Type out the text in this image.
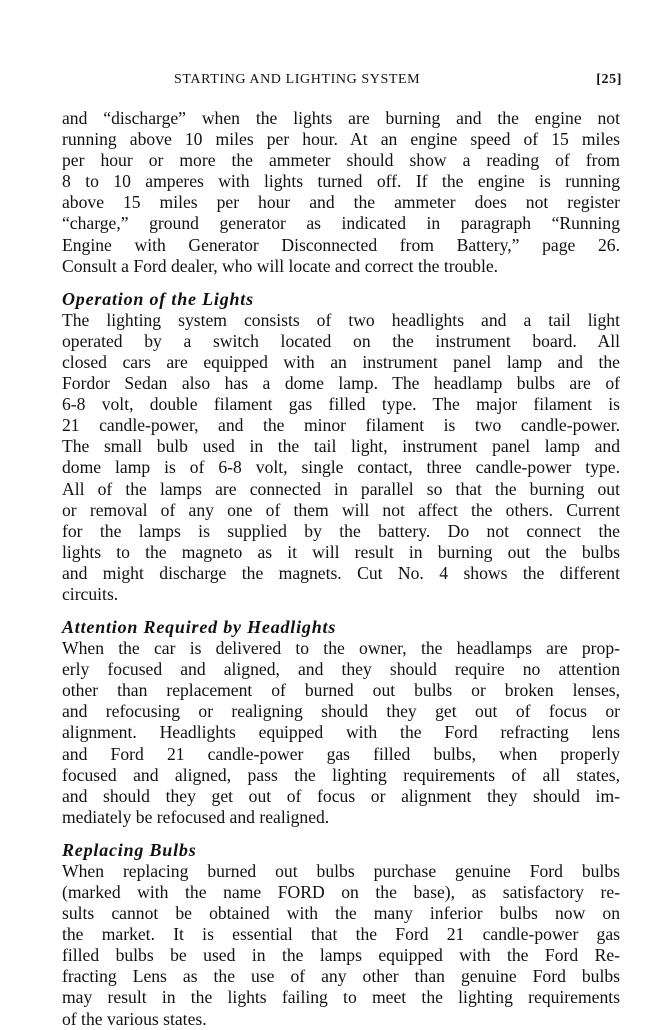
STARTING AND LIGHTING SYSTEM	[25]
and “discharge” when the lights are burning and the engine not
running above 10 miles per hour. At an engine speed of 15 miles
per hour or more the ammeter should show a reading of from
8 to 10 amperes with lights turned off. If the engine is running
above 15 miles per hour and the ammeter does not register
“charge,” ground generator as indicated in paragraph “Running
Engine with Generator Disconnected from Battery,” page 26.
Consult a Ford dealer, who will locate and correct the trouble.
Operation of the Lights
The lighting system consists of two headlights and a tail light
operated by a switch located on the instrument board. All
closed cars are equipped with an instrument panel lamp and the
Fordor Sedan also has a dome lamp. The headlamp bulbs are of
6-8 volt, double filament gas filled type. The major filament is
21 candle-power, and the minor filament is two candle-power.
The small bulb used in the tail light, instrument panel lamp and
dome lamp is of 6-8 volt, single contact, three candle-power type.
All of the lamps are connected in parallel so that the burning out
or removal of any one of them will not affect the others. Current
for the lamps is supplied by the battery. Do not connect the
lights to the magneto as it will result in burning out the bulbs
and might discharge the magnets. Cut No. 4 shows the different
circuits.
Attention Required by Headlights
When the car is delivered to the owner, the headlamps are prop-
erly focused and aligned, and they should require no attention
other than replacement of burned out bulbs or broken lenses,
and refocusing or realigning should they get out of focus or
alignment. Headlights equipped with the Ford refracting lens
and Ford 21 candle-power gas filled bulbs, when properly
focused and aligned, pass the lighting requirements of all states,
and should they get out of focus or alignment they should im-
mediately be refocused and realigned.
Replacing Bulbs
When replacing burned out bulbs purchase genuine Ford bulbs
(marked with the name FORD on the base), as satisfactory re-
sults cannot be obtained with the many inferior bulbs now on
the market. It is essential that the Ford 21 candle-power gas
filled bulbs be used in the lamps equipped with the Ford Re-
fracting Lens as the use of any other than genuine Ford bulbs
may result in the lights failing to meet the lighting requirements
of the various states.
